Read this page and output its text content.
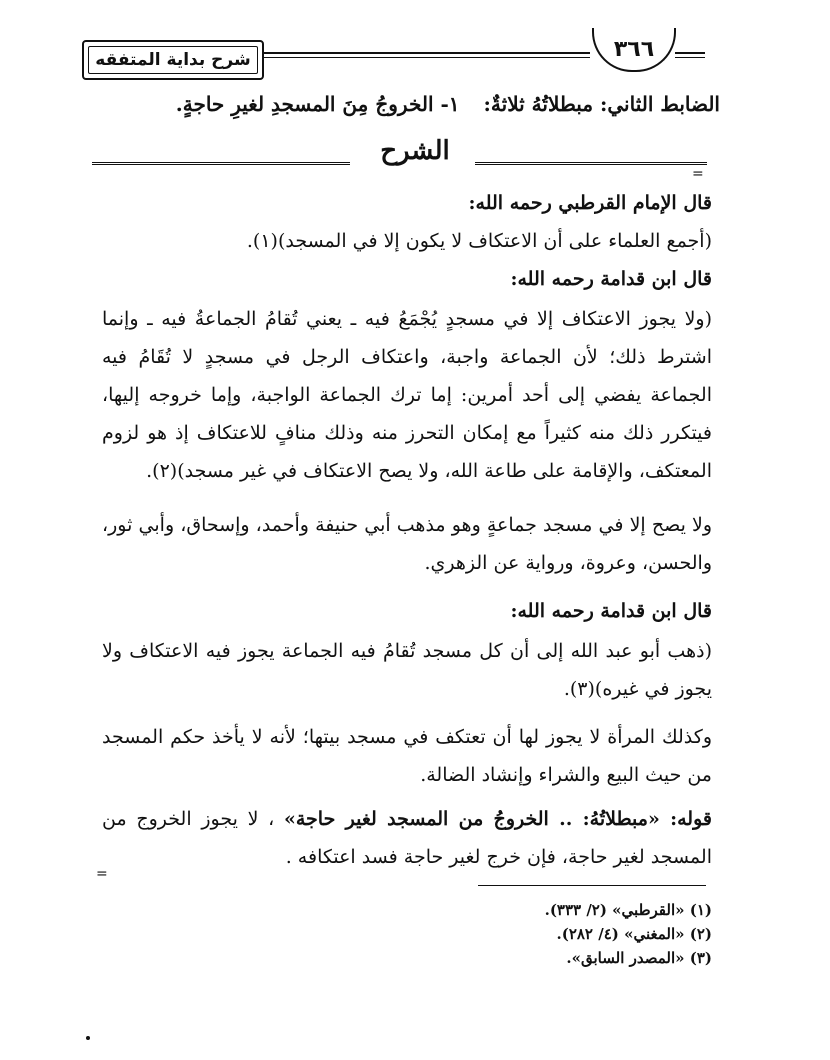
شرح بداية المتفقه	٣٦٦
الضابط الثاني: مبطلاتُهُ ثلاثةٌ:١- الخروجُ مِنَ المسجدِ لغيرِ حاجةٍ.
الشرح
=
قال الإمام القرطبي رحمه الله:
(أجمع العلماء على أن الاعتكاف لا يكون إلا في المسجد)(١).
قال ابن قدامة رحمه الله:
(ولا يجوز الاعتكاف إلا في مسجدٍ يُجْمَعُ فيه ـ يعني تُقامُ الجماعةُ فيه ـ وإنما اشترط ذلك؛ لأن الجماعة واجبة، واعتكاف الرجل في مسجدٍ لا تُقَامُ فيه الجماعة يفضي إلى أحد أمرين: إما ترك الجماعة الواجبة، وإما خروجه إليها، فيتكرر ذلك منه كثيراً مع إمكان التحرز منه وذلك منافٍ للاعتكاف إذ هو لزوم المعتكف، والإقامة على طاعة الله، ولا يصح الاعتكاف في غير مسجد)(٢).
ولا يصح إلا في مسجد جماعةٍ وهو مذهب أبي حنيفة وأحمد، وإسحاق، وأبي ثور، والحسن، وعروة، ورواية عن الزهري.
قال ابن قدامة رحمه الله:
(ذهب أبو عبد الله إلى أن كل مسجد تُقامُ فيه الجماعة يجوز فيه الاعتكاف ولا يجوز في غيره)(٣).
وكذلك المرأة لا يجوز لها أن تعتكف في مسجد بيتها؛ لأنه لا يأخذ حكم المسجد من حيث البيع والشراء وإنشاد الضالة.
قوله: «مبطلاتُهُ: .. الخروجُ من المسجد لغير حاجة» ، لا يجوز الخروج من المسجد لغير حاجة، فإن خرج لغير حاجة فسد اعتكافه .
=
(١) «القرطبي» (٢/ ٣٣٣).
(٢) «المغني» (٤/ ٢٨٢).
(٣) «المصدر السابق».
